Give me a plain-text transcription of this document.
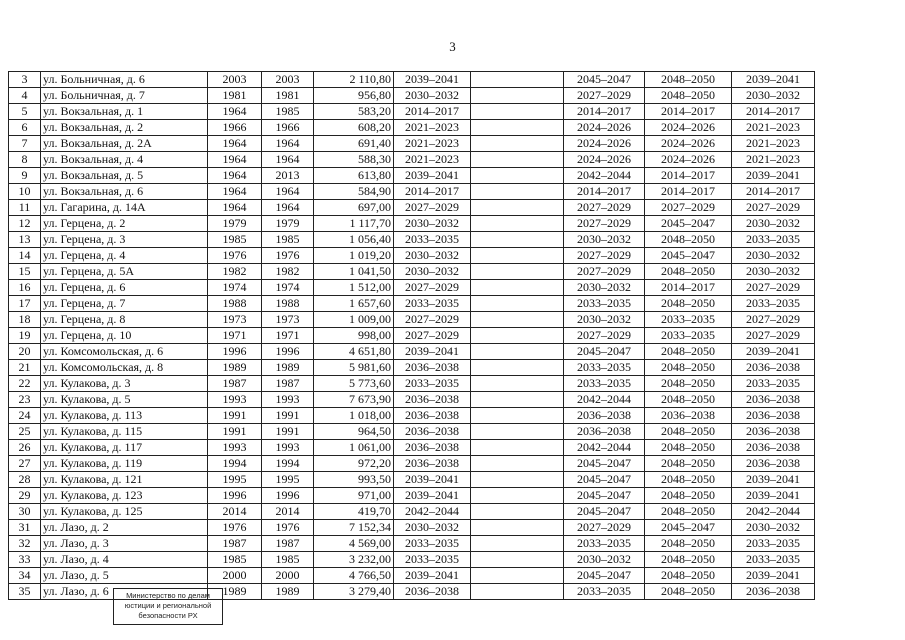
3
3	ул. Больничная, д. 6	2003	2003	2 110,80	2039–2041		2045–2047	2048–2050	2039–2041
4	ул. Больничная, д. 7	1981	1981	956,80	2030–2032		2027–2029	2048–2050	2030–2032
5	ул. Вокзальная, д. 1	1964	1985	583,20	2014–2017		2014–2017	2014–2017	2014–2017
6	ул. Вокзальная, д. 2	1966	1966	608,20	2021–2023		2024–2026	2024–2026	2021–2023
7	ул. Вокзальная, д. 2А	1964	1964	691,40	2021–2023		2024–2026	2024–2026	2021–2023
8	ул. Вокзальная, д. 4	1964	1964	588,30	2021–2023		2024–2026	2024–2026	2021–2023
9	ул. Вокзальная, д. 5	1964	2013	613,80	2039–2041		2042–2044	2014–2017	2039–2041
10	ул. Вокзальная, д. 6	1964	1964	584,90	2014–2017		2014–2017	2014–2017	2014–2017
11	ул. Гагарина, д. 14А	1964	1964	697,00	2027–2029		2027–2029	2027–2029	2027–2029
12	ул. Герцена, д. 2	1979	1979	1 117,70	2030–2032		2027–2029	2045–2047	2030–2032
13	ул. Герцена, д. 3	1985	1985	1 056,40	2033–2035		2030–2032	2048–2050	2033–2035
14	ул. Герцена, д. 4	1976	1976	1 019,20	2030–2032		2027–2029	2045–2047	2030–2032
15	ул. Герцена, д. 5А	1982	1982	1 041,50	2030–2032		2027–2029	2048–2050	2030–2032
16	ул. Герцена, д. 6	1974	1974	1 512,00	2027–2029		2030–2032	2014–2017	2027–2029
17	ул. Герцена, д. 7	1988	1988	1 657,60	2033–2035		2033–2035	2048–2050	2033–2035
18	ул. Герцена, д. 8	1973	1973	1 009,00	2027–2029		2030–2032	2033–2035	2027–2029
19	ул. Герцена, д. 10	1971	1971	998,00	2027–2029		2027–2029	2033–2035	2027–2029
20	ул. Комсомольская, д. 6	1996	1996	4 651,80	2039–2041		2045–2047	2048–2050	2039–2041
21	ул. Комсомольская, д. 8	1989	1989	5 981,60	2036–2038		2033–2035	2048–2050	2036–2038
22	ул. Кулакова, д. 3	1987	1987	5 773,60	2033–2035		2033–2035	2048–2050	2033–2035
23	ул. Кулакова, д. 5	1993	1993	7 673,90	2036–2038		2042–2044	2048–2050	2036–2038
24	ул. Кулакова, д. 113	1991	1991	1 018,00	2036–2038		2036–2038	2036–2038	2036–2038
25	ул. Кулакова, д. 115	1991	1991	964,50	2036–2038		2036–2038	2048–2050	2036–2038
26	ул. Кулакова, д. 117	1993	1993	1 061,00	2036–2038		2042–2044	2048–2050	2036–2038
27	ул. Кулакова, д. 119	1994	1994	972,20	2036–2038		2045–2047	2048–2050	2036–2038
28	ул. Кулакова, д. 121	1995	1995	993,50	2039–2041		2045–2047	2048–2050	2039–2041
29	ул. Кулакова, д. 123	1996	1996	971,00	2039–2041		2045–2047	2048–2050	2039–2041
30	ул. Кулакова, д. 125	2014	2014	419,70	2042–2044		2045–2047	2048–2050	2042–2044
31	ул. Лазо, д. 2	1976	1976	7 152,34	2030–2032		2027–2029	2045–2047	2030–2032
32	ул. Лазо, д. 3	1987	1987	4 569,00	2033–2035		2033–2035	2048–2050	2033–2035
33	ул. Лазо, д. 4	1985	1985	3 232,00	2033–2035		2030–2032	2048–2050	2033–2035
34	ул. Лазо, д. 5	2000	2000	4 766,50	2039–2041		2045–2047	2048–2050	2039–2041
35	ул. Лазо, д. 6	1989	1989	3 279,40	2036–2038		2033–2035	2048–2050	2036–2038
Министерство по делам
юстиции и региональной
безопасности РХ
